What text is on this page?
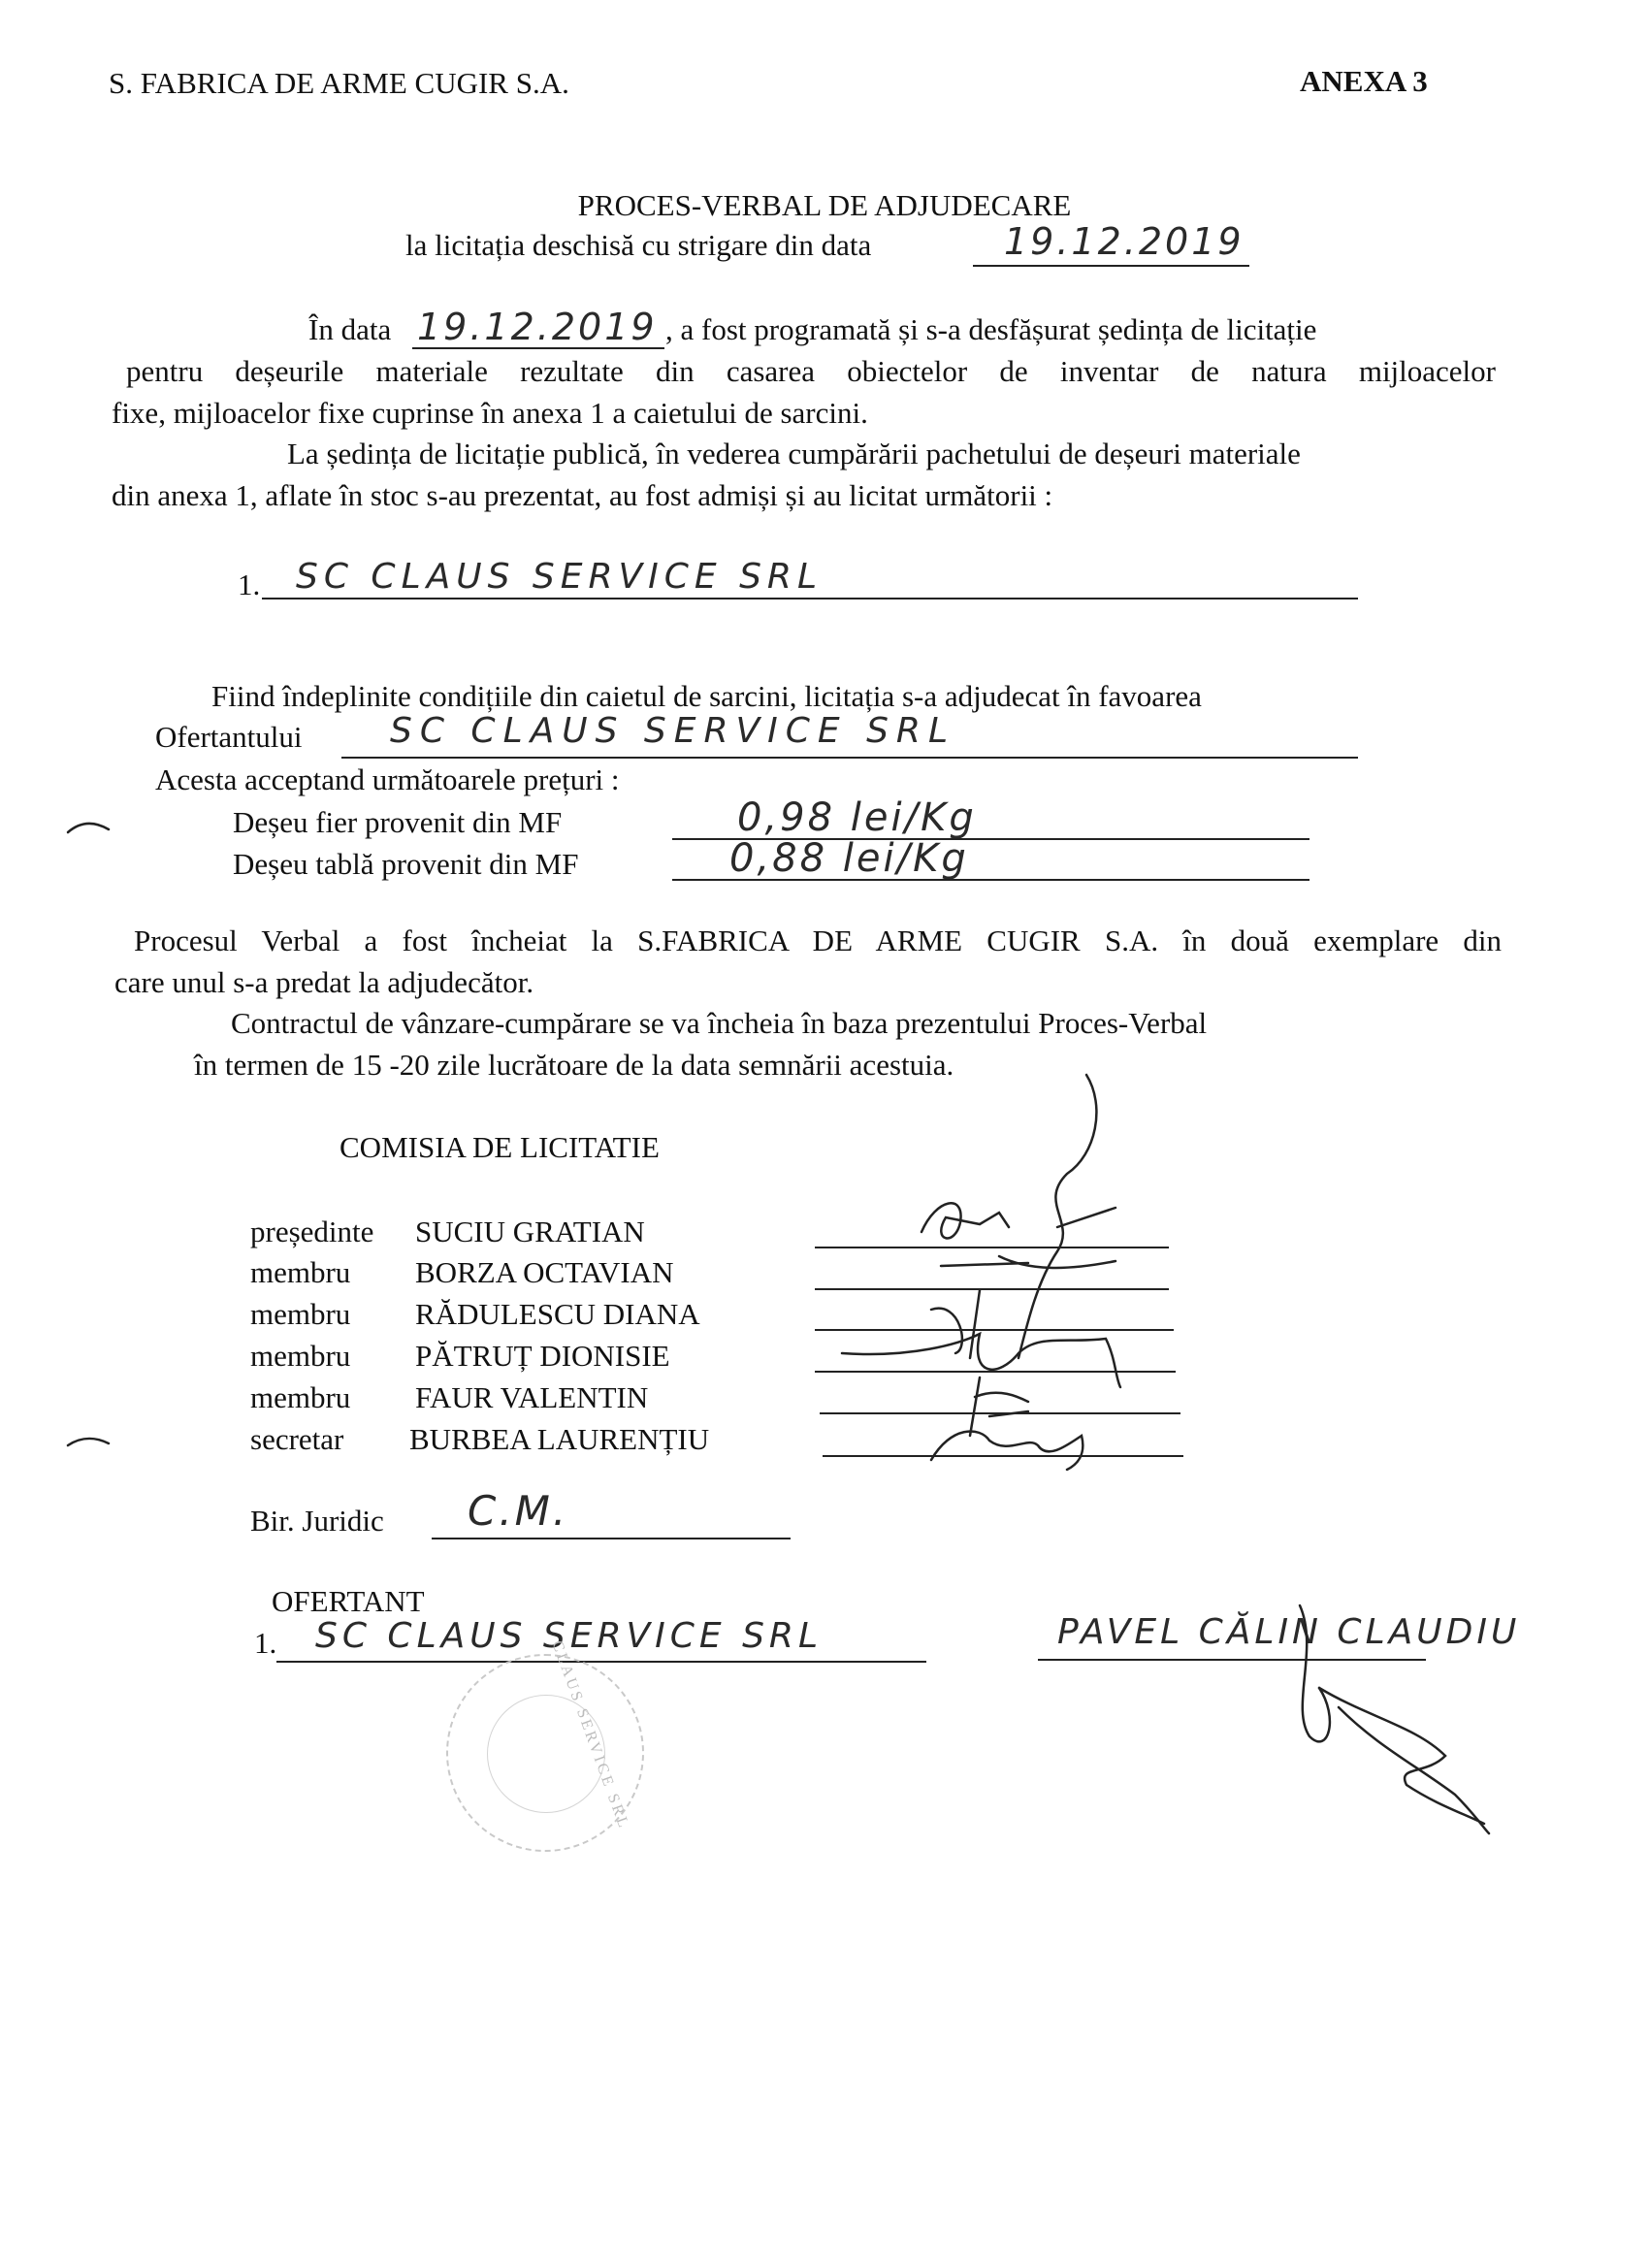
S. FABRICA DE ARME CUGIR S.A.	ANEXA 3
PROCES-VERBAL DE ADJUDECARE
la licitația deschisă cu strigare din data	19.12.2019
În data 19.12.2019 , a fost programată și s-a desfășurat ședința de licitație
pentru deșeurile materiale rezultate din casarea obiectelor de inventar de natura mijloacelor
fixe, mijloacelor fixe cuprinse în anexa 1 a caietului de sarcini.
La ședința de licitație publică, în vederea cumpărării pachetului de deșeuri materiale
din anexa 1, aflate în stoc s-au prezentat, au fost admiși și au licitat următorii :
1. SC CLAUS SERVICE SRL
Fiind îndeplinite condițiile din caietul de sarcini, licitația s-a adjudecat în favoarea
Ofertantului	SC CLAUS SERVICE SRL
Acesta acceptand următoarele prețuri :
Deșeu fier provenit din MF	0,98 lei/Kg
Deșeu tablă provenit din MF	0,88 lei/Kg
Procesul Verbal a fost încheiat la S.FABRICA DE ARME CUGIR S.A. în două exemplare din
care unul s-a predat la adjudecător.
Contractul de vânzare-cumpărare se va încheia în baza prezentului Proces-Verbal
în termen de 15 -20 zile lucrătoare de la data semnării acestuia.
COMISIA DE LICITATIE
președinte SUCIU GRATIAN
membru BORZA OCTAVIAN
membru RĂDULESCU DIANA
membru PĂTRUȚ DIONISIE
membru FAUR VALENTIN
secretar BURBEA LAURENȚIU
Bir. Juridic C.M.
OFERTANT
1. SC CLAUS SERVICE SRL	PAVEL CĂLIN CLAUDIU
CLAUS SERVICE SRL
